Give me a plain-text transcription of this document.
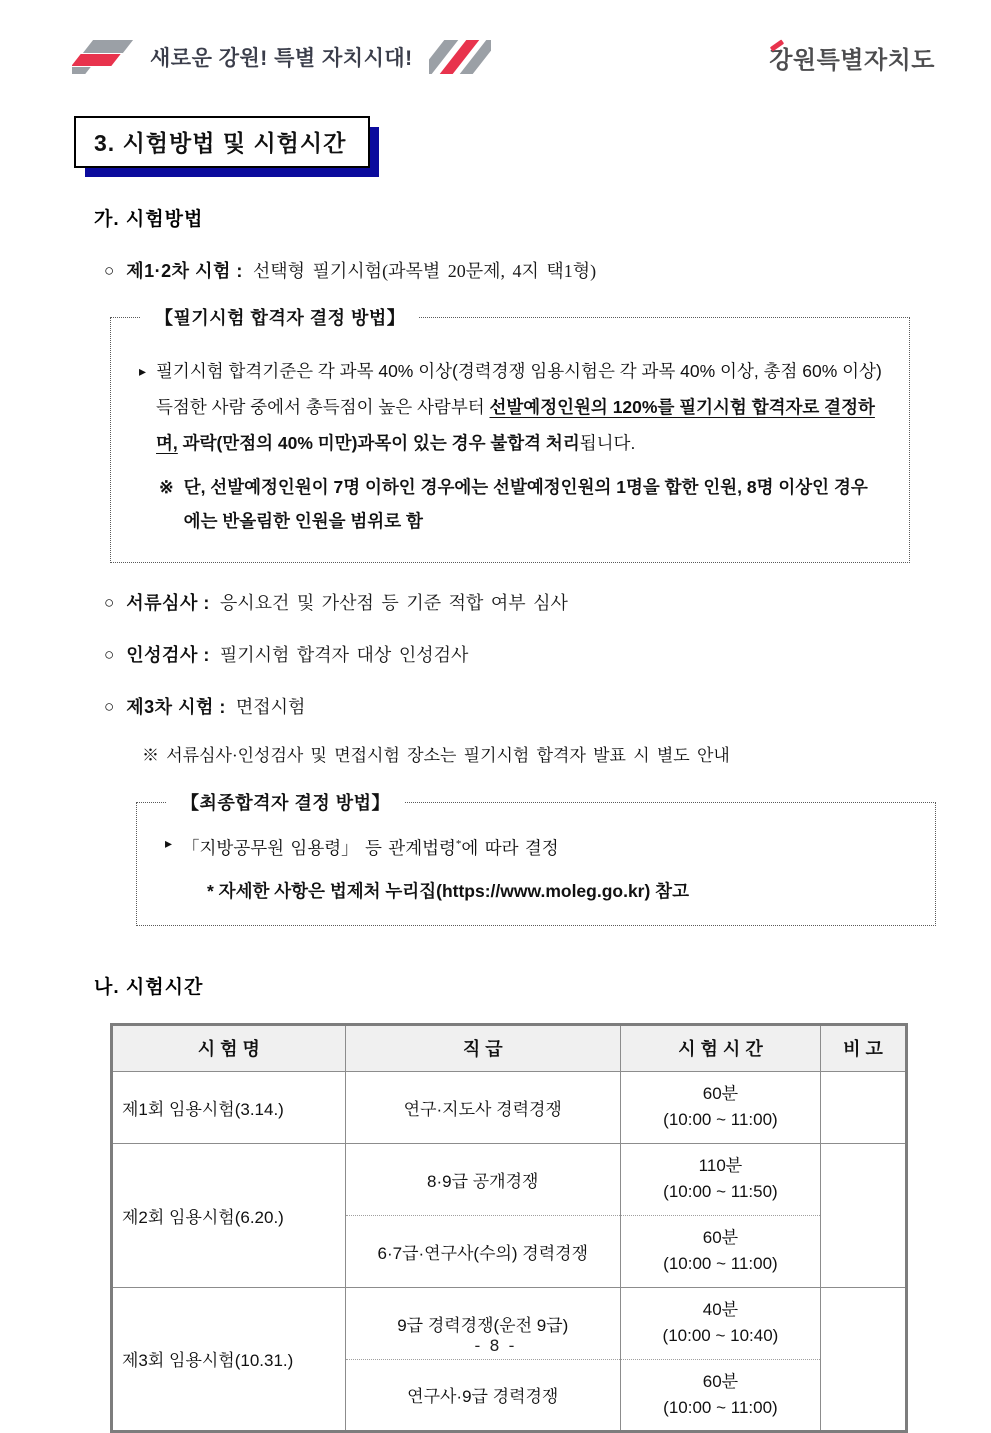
새로운 강원! 특별 자치시대!	강원특별자치도
3. 시험방법 및 시험시간
가. 시험방법
○ 제1·2차 시험 : 선택형 필기시험(과목별 20문제, 4지 택1형)
【필기시험 합격자 결정 방법】
▸ 필기시험 합격기준은 각 과목 40% 이상(경력경쟁 임용시험은 각 과목 40% 이상, 총점 60% 이상) 득점한 사람 중에서 총득점이 높은 사람부터 선발예정인원의 120%를 필기시험 합격자로 결정하며, 과락(만점의 40% 미만)과목이 있는 경우 불합격 처리됩니다.
※ 단, 선발예정인원이 7명 이하인 경우에는 선발예정인원의 1명을 합한 인원, 8명 이상인 경우에는 반올림한 인원을 범위로 함
○ 서류심사 : 응시요건 및 가산점 등 기준 적합 여부 심사
○ 인성검사 : 필기시험 합격자 대상 인성검사
○ 제3차 시험 : 면접시험
※ 서류심사·인성검사 및 면접시험 장소는 필기시험 합격자 발표 시 별도 안내
【최종합격자 결정 방법】
▸ 「지방공무원 임용령」 등 관계법령*에 따라 결정
* 자세한 사항은 법제처 누리집(https://www.moleg.go.kr) 참고
나. 시험시간
시 험 명	직 급	시 험 시 간	비 고
제1회 임용시험(3.14.)	연구·지도사 경력경쟁	60분
(10:00 ~ 11:00)	

제2회 임용시험(6.20.)	8·9급 공개경쟁	110분
(10:00 ~ 11:50)	

	6·7급·연구사(수의) 경력경쟁	60분
(10:00 ~ 11:00)	

제3회 임용시험(10.31.)	9급 경력경쟁(운전 9급)	40분
(10:00 ~ 10:40)	

	연구사·9급 경력경쟁	60분
(10:00 ~ 11:00)	
- 8 -
